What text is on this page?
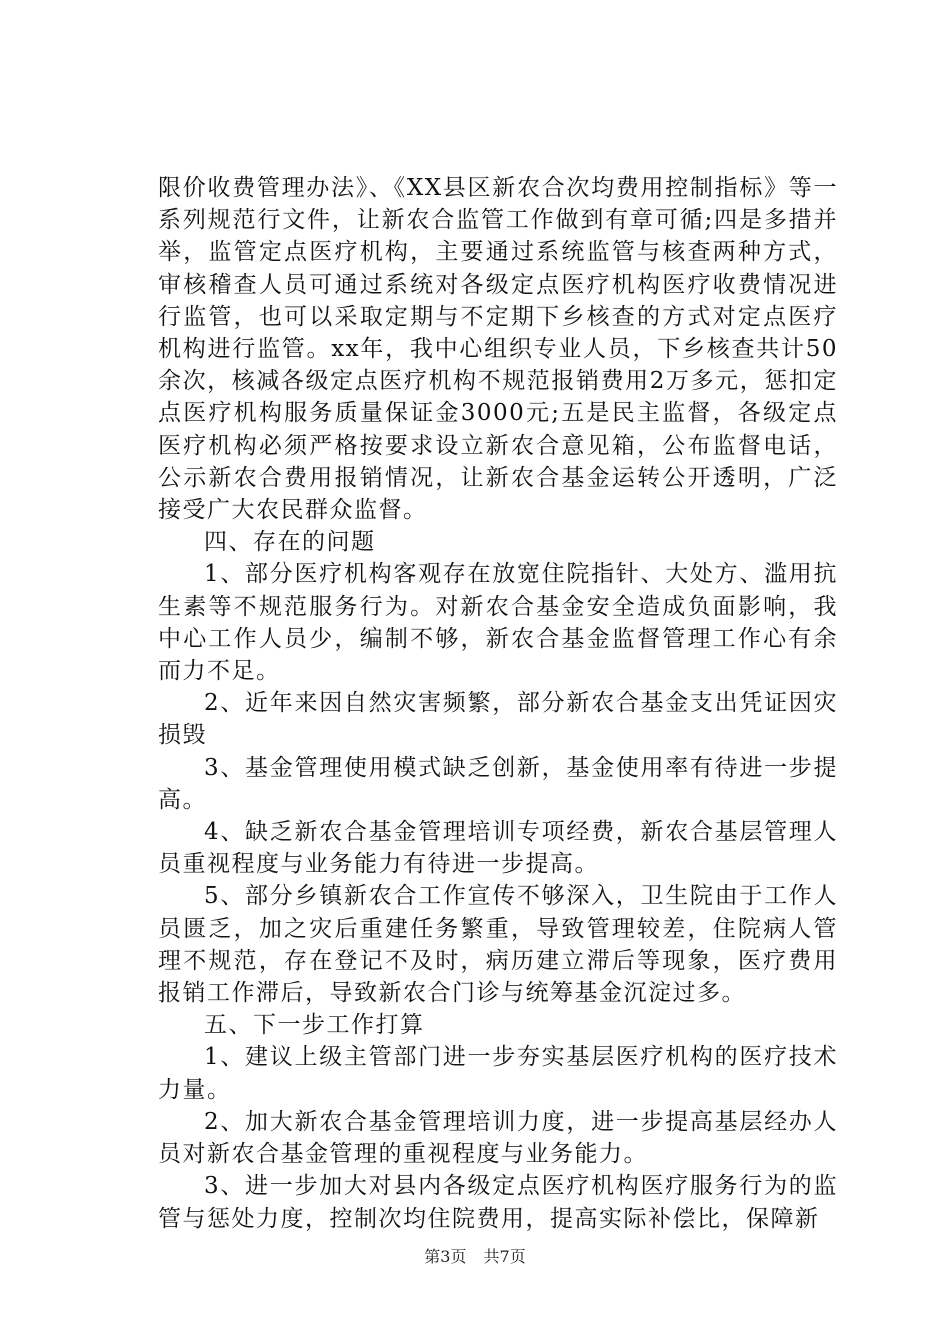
限价收费管理办法》、《XX县区新农合次均费用控制指标》等一系列规范行文件，让新农合监管工作做到有章可循;四是多措并举，监管定点医疗机构，主要通过系统监管与核查两种方式，审核稽查人员可通过系统对各级定点医疗机构医疗收费情况进行监管，也可以采取定期与不定期下乡核查的方式对定点医疗机构进行监管。xx年，我中心组织专业人员，下乡核查共计50余次，核减各级定点医疗机构不规范报销费用2万多元，惩扣定点医疗机构服务质量保证金3000元;五是民主监督，各级定点医疗机构必须严格按要求设立新农合意见箱，公布监督电话，公示新农合费用报销情况，让新农合基金运转公开透明，广泛接受广大农民群众监督。

四、存在的问题

1、部分医疗机构客观存在放宽住院指针、大处方、滥用抗生素等不规范服务行为。对新农合基金安全造成负面影响，我中心工作人员少，编制不够，新农合基金监督管理工作心有余而力不足。

2、近年来因自然灾害频繁，部分新农合基金支出凭证因灾损毁

3、基金管理使用模式缺乏创新，基金使用率有待进一步提高。

4、缺乏新农合基金管理培训专项经费，新农合基层管理人员重视程度与业务能力有待进一步提高。

5、部分乡镇新农合工作宣传不够深入，卫生院由于工作人员匮乏，加之灾后重建任务繁重，导致管理较差，住院病人管理不规范，存在登记不及时，病历建立滞后等现象，医疗费用报销工作滞后，导致新农合门诊与统筹基金沉淀过多。

五、下一步工作打算

1、建议上级主管部门进一步夯实基层医疗机构的医疗技术力量。

2、加大新农合基金管理培训力度，进一步提高基层经办人员对新农合基金管理的重视程度与业务能力。

3、进一步加大对县内各级定点医疗机构医疗服务行为的监管与惩处力度，控制次均住院费用，提高实际补偿比，保障新

第3页 共7页
